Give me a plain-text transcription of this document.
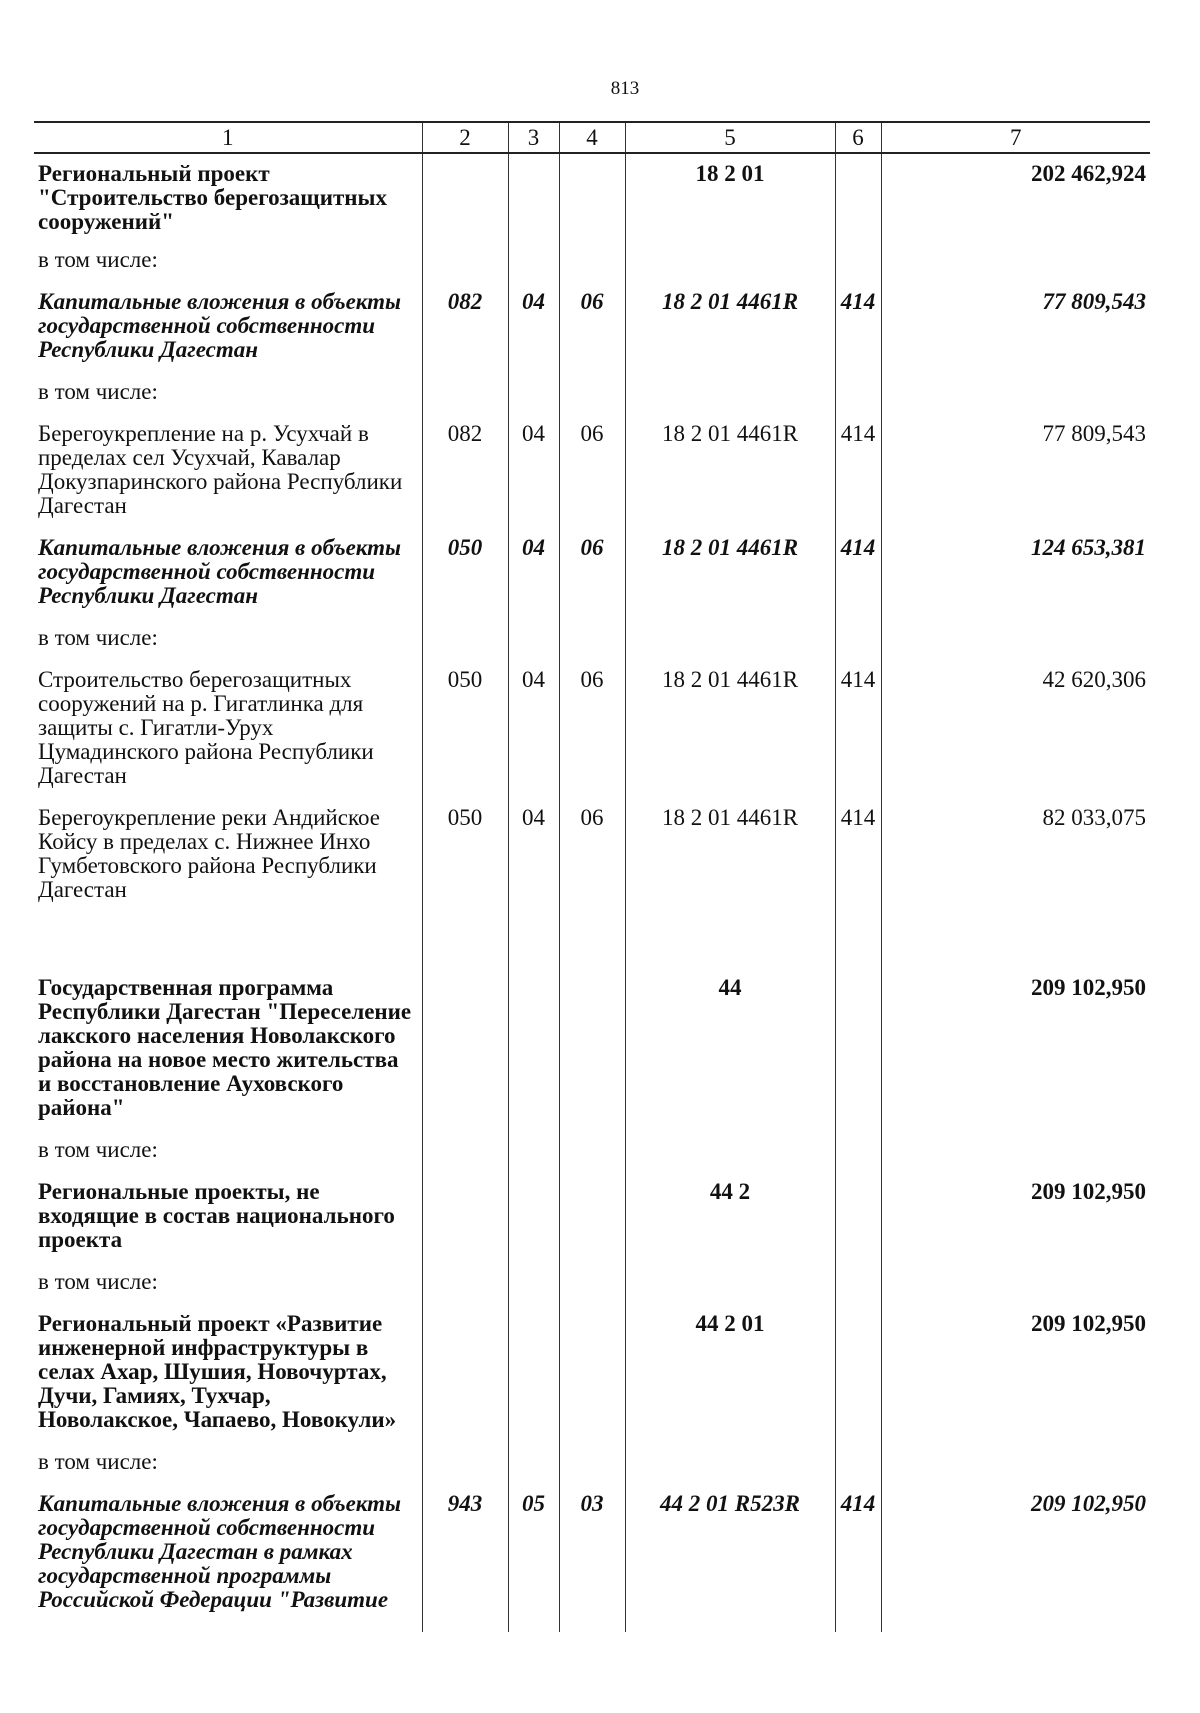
813
1	2	3	4	5	6	7
Региональный проект "Строительство берегозащитных сооружений"				18 2 01		202 462,924
в том числе:						
Капитальные вложения в объекты государственной собственности Республики Дагестан	082	04	06	18 2 01 4461R	414	77 809,543
в том числе:						
Берегоукрепление на р. Усухчай в пределах сел Усухчай, Кавалар Докузпаринского района Республики Дагестан	082	04	06	18 2 01 4461R	414	77 809,543
Капитальные вложения в объекты государственной собственности Республики Дагестан	050	04	06	18 2 01 4461R	414	124 653,381
в том числе:						
Строительство берегозащитных сооружений на р. Гигатлинка для защиты с. Гигатли-Урух Цумадинского района Республики Дагестан	050	04	06	18 2 01 4461R	414	42 620,306
Берегоукрепление реки Андийское Койсу в пределах с. Нижнее Инхо Гумбетовского района Республики Дагестан	050	04	06	18 2 01 4461R	414	82 033,075
Государственная программа Республики Дагестан "Переселение лакского населения Новолакского района на новое место жительства и восстановление Ауховского района"				44		209 102,950
в том числе:						
Региональные проекты, не входящие в состав национального проекта				44 2		209 102,950
в том числе:						
Региональный проект «Развитие инженерной инфраструктуры в селах Ахар, Шушия, Новочуртах, Дучи, Гамиях, Тухчар, Новолакское, Чапаево, Новокули»				44 2 01		209 102,950
в том числе:						
Капитальные вложения в объекты государственной собственности Республики Дагестан в рамках государственной программы Российской Федерации "Развитие	943	05	03	44 2 01 R523R	414	209 102,950
